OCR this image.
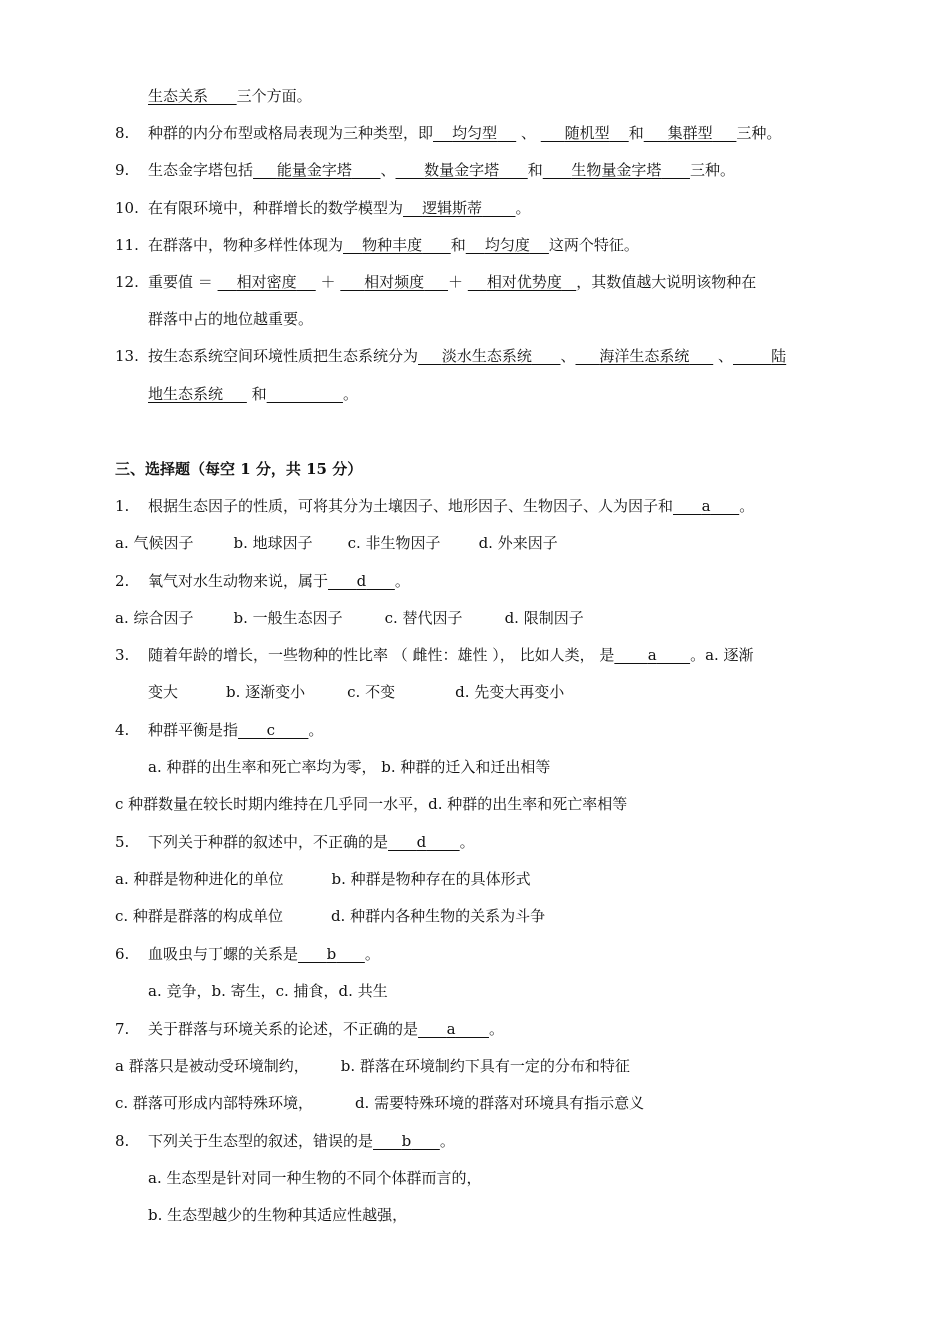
生态关系 三个方面。
8. 种群的内分布型或格局表现为三种类型，即 均匀型 、 随机型 和 集群型 三种。
9. 生态金字塔包括 能量金字塔 、 数量金字塔 和 生物量金字塔 三种。
10. 在有限环境中，种群增长的数学模型为 逻辑斯蒂 。
11. 在群落中，物种多样性体现为 物种丰度 和 均匀度 这两个特征。
12. 重要值 ＝ 相对密度 ＋ 相对频度 ＋ 相对优势度 ，其数值越大说明该物种在
群落中占的地位越重要。
13. 按生态系统空间环境性质把生态系统分为 淡水生态系统 、 海洋生态系统 、	陆
地生态系统 和	。
三、选择题（每空 1 分，共 15 分）
1. 根据生态因子的性质，可将其分为土壤因子、地形因子、生物因子、人为因子和 a 。
a. 气候因子	b. 地球因子 c. 非生物因子	d. 外来因子
2. 氧气对水生动物来说，属于 d 。
a. 综合因子	b. 一般生态因子	c. 替代因子	d. 限制因子
3. 随着年龄的增长，一些物种的性比率 （ 雌性：雄性 ）， 比如人类， 是 a 。a. 逐渐
变大	b. 逐渐变小	c. 不变	d. 先变大再变小
4. 种群平衡是指 c 。
a. 种群的出生率和死亡率均为零， b. 种群的迁入和迁出相等
c 种群数量在较长时期内维持在几乎同一水平，d. 种群的出生率和死亡率相等
5. 下列关于种群的叙述中，不正确的是 d 。
a. 种群是物种进化的单位	b. 种群是物种存在的具体形式
c. 种群是群落的构成单位	d. 种群内各种生物的关系为斗争
6. 血吸虫与丁螺的关系是 b 。
a. 竞争，b. 寄生，c. 捕食，d. 共生
7. 关于群落与环境关系的论述，不正确的是 a 。
a 群落只是被动受环境制约， b. 群落在环境制约下具有一定的分布和特征
c. 群落可形成内部特殊环境，	d. 需要特殊环境的群落对环境具有指示意义
8. 下列关于生态型的叙述，错误的是 b 。
a. 生态型是针对同一种生物的不同个体群而言的，
b. 生态型越少的生物种其适应性越强，
